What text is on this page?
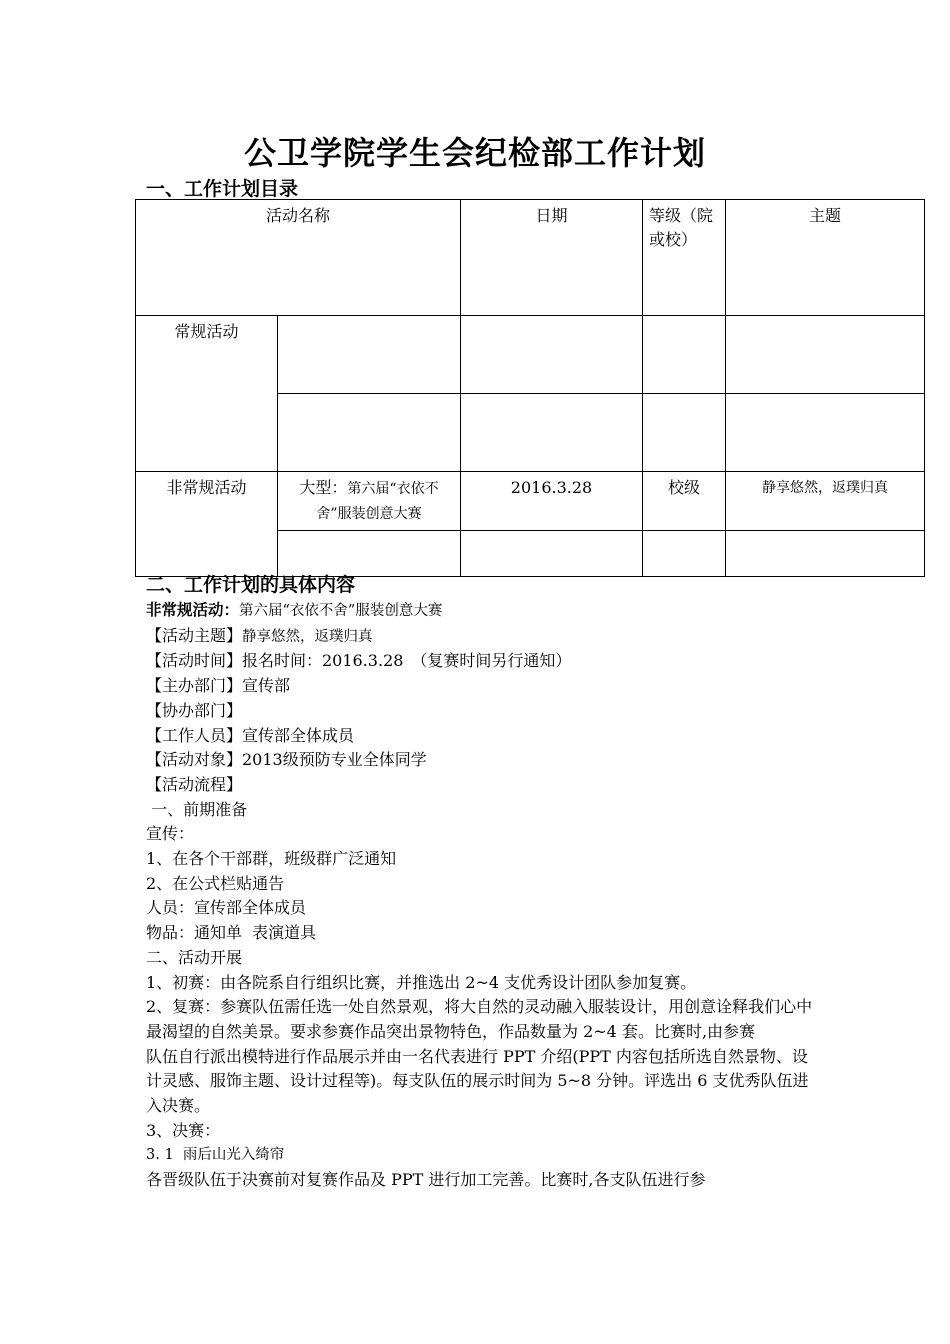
公卫学院学生会纪检部工作计划
一、工作计划目录
活动名称		日期	等级（院或校）	主题
常规活动				

非常规活动	大型：第六届“衣依不舍”服装创意大赛	2016.3.28	校级	静享悠然，返璞归真

二、工作计划的具体内容

非常规活动：第六届“衣依不舍”服装创意大赛

【活动主题】静享悠然，返璞归真

【活动时间】报名时间：2016.3.28　（复赛时间另行通知）

【主办部门】宣传部

【协办部门】

【工作人员】宣传部全体成员

【活动对象】2013级预防专业全体同学

【活动流程】

一、前期准备

宣传：

1、在各个干部群，班级群广泛通知

2、在公式栏贴通告

人员：宣传部全体成员

物品：通知单  表演道具

二、活动开展

1、初赛：由各院系自行组织比赛，并推选出 2~4 支优秀设计团队参加复赛。

2、复赛：参赛队伍需任选一处自然景观，将大自然的灵动融入服装设计，用创意诠释我们心中最渴望的自然美景。要求参赛作品突出景物特色，作品数量为 2~4 套。比赛时,由参赛

队伍自行派出模特进行作品展示并由一名代表进行 PPT 介绍(PPT 内容包括所选自然景物、设计灵感、服饰主题、设计过程等)。每支队伍的展示时间为 5~8 分钟。评选出 6 支优秀队伍进入决赛。

3、决赛：

3. 1  雨后山光入绮帘

各晋级队伍于决赛前对复赛作品及 PPT 进行加工完善。比赛时,各支队伍进行参
